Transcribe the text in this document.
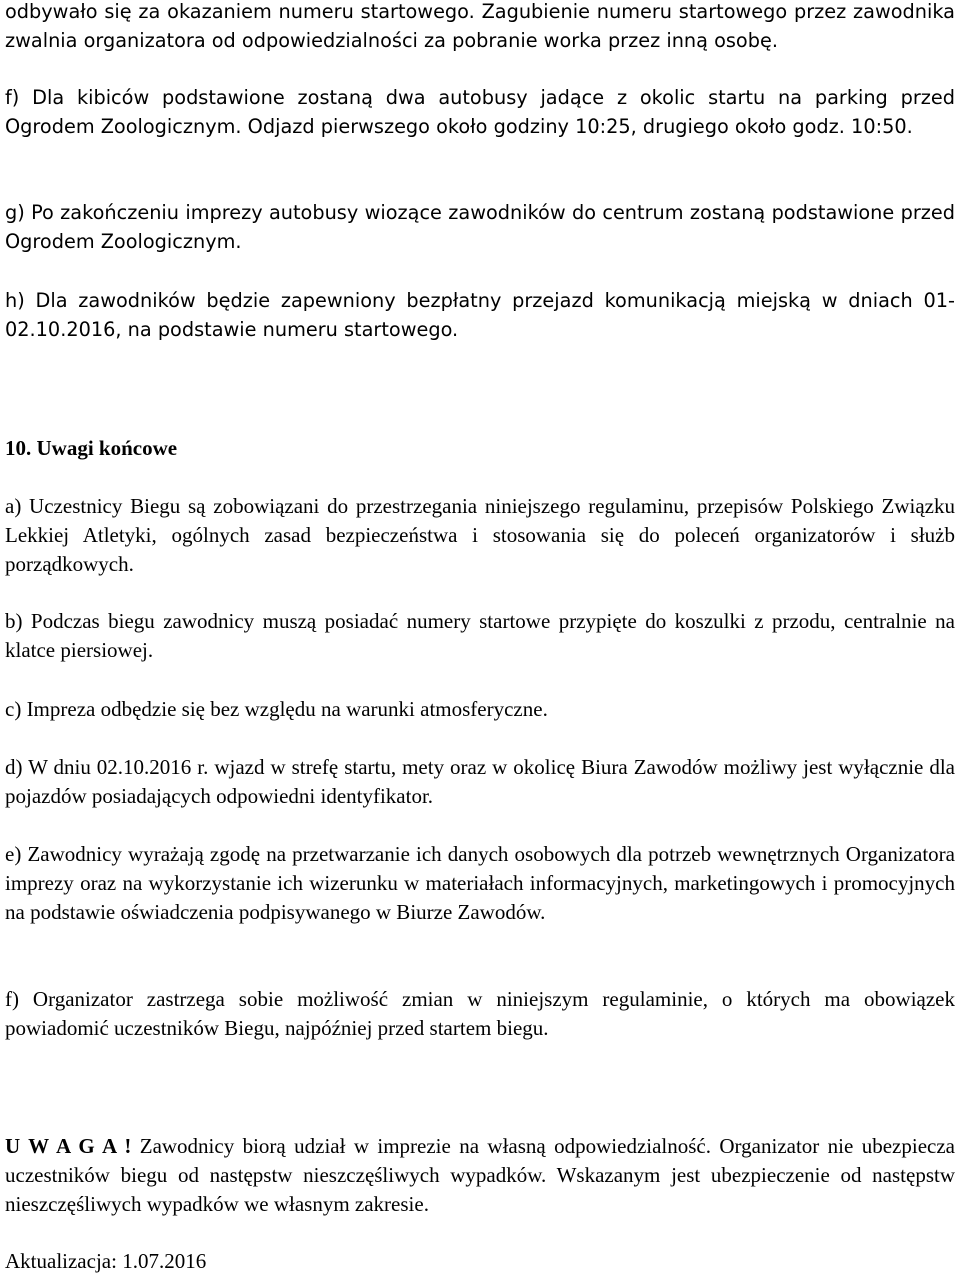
odbywało się za okazaniem numeru startowego. Zagubienie numeru startowego przez zawodnika zwalnia organizatora od odpowiedzialności za pobranie worka przez inną osobę.

f) Dla kibiców podstawione zostaną dwa autobusy jadące z okolic startu na parking przed Ogrodem Zoologicznym. Odjazd pierwszego około godziny 10:25, drugiego około godz. 10:50.

g) Po zakończeniu imprezy autobusy wiozące zawodników do centrum zostaną podstawione przed Ogrodem Zoologicznym.

h) Dla zawodników będzie zapewniony bezpłatny przejazd komunikacją miejską w dniach 01-02.10.2016, na podstawie numeru startowego.

10. Uwagi końcowe

a) Uczestnicy Biegu są zobowiązani do przestrzegania niniejszego regulaminu, przepisów Polskiego Związku Lekkiej Atletyki, ogólnych zasad bezpieczeństwa i stosowania się do poleceń organizatorów i służb porządkowych.

b) Podczas biegu zawodnicy muszą posiadać numery startowe przypięte do koszulki z przodu, centralnie na klatce piersiowej.

c) Impreza odbędzie się bez względu na warunki atmosferyczne.

d) W dniu 02.10.2016 r. wjazd w strefę startu, mety oraz w okolicę Biura Zawodów możliwy jest wyłącznie dla pojazdów posiadających odpowiedni identyfikator.

e) Zawodnicy wyrażają zgodę na przetwarzanie ich danych osobowych dla potrzeb wewnętrznych Organizatora imprezy oraz na wykorzystanie ich wizerunku w materiałach informacyjnych, marketingowych i promocyjnych na podstawie oświadczenia podpisywanego w Biurze Zawodów.

f) Organizator zastrzega sobie możliwość zmian w niniejszym regulaminie, o których ma obowiązek powiadomić uczestników Biegu, najpóźniej przed startem biegu.

U W A G A ! Zawodnicy biorą udział w imprezie na własną odpowiedzialność. Organizator nie ubezpiecza uczestników biegu od następstw nieszczęśliwych wypadków. Wskazanym jest ubezpieczenie od następstw nieszczęśliwych wypadków we własnym zakresie.

Aktualizacja: 1.07.2016
